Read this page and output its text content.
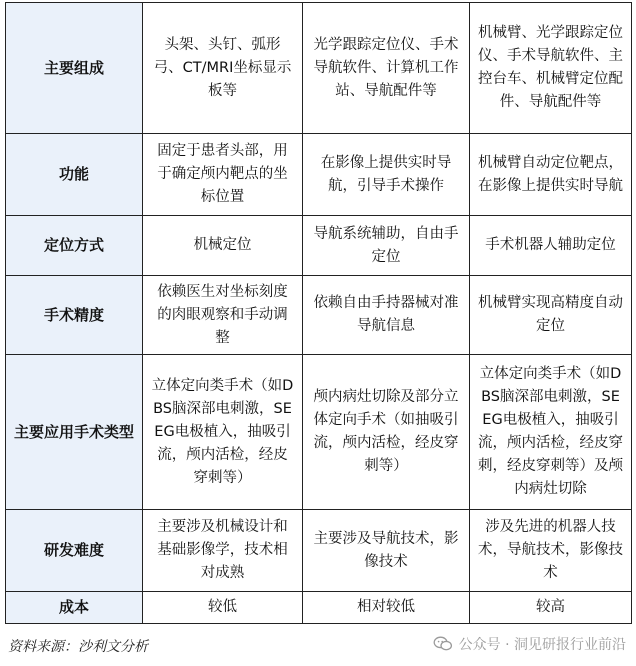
主要组成	头架、头钉、弧形弓、CT/MRI坐标显示板等	光学跟踪定位仪、手术导航软件、计算机工作站、导航配件等	机械臂、光学跟踪定位仪、手术导航软件、主控台车、机械臂定位配件、导航配件等
功能	固定于患者头部，用于确定颅内靶点的坐标位置	在影像上提供实时导航，引导手术操作	机械臂自动定位靶点，在影像上提供实时导航
定位方式	机械定位	导航系统辅助，自由手定位	手术机器人辅助定位
手术精度	依赖医生对坐标刻度的肉眼观察和手动调整	依赖自由手持器械对准导航信息	机械臂实现高精度自动定位
主要应用手术类型	立体定向类手术（如DBS脑深部电刺激，SEEG电极植入，抽吸引流，颅内活检，经皮穿刺等）	颅内病灶切除及部分立体定向手术（如抽吸引流，颅内活检，经皮穿刺等）	立体定向类手术（如DBS脑深部电刺激，SEEG电极植入，抽吸引流，颅内活检，经皮穿刺，经皮穿刺等）及颅内病灶切除
研发难度	主要涉及机械设计和基础影像学，技术相对成熟	主要涉及导航技术，影像技术	涉及先进的机器人技术，导航技术，影像技术
成本	较低	相对较低	较高
资料来源：沙利文分析	公众号 · 洞见研报行业前沿
